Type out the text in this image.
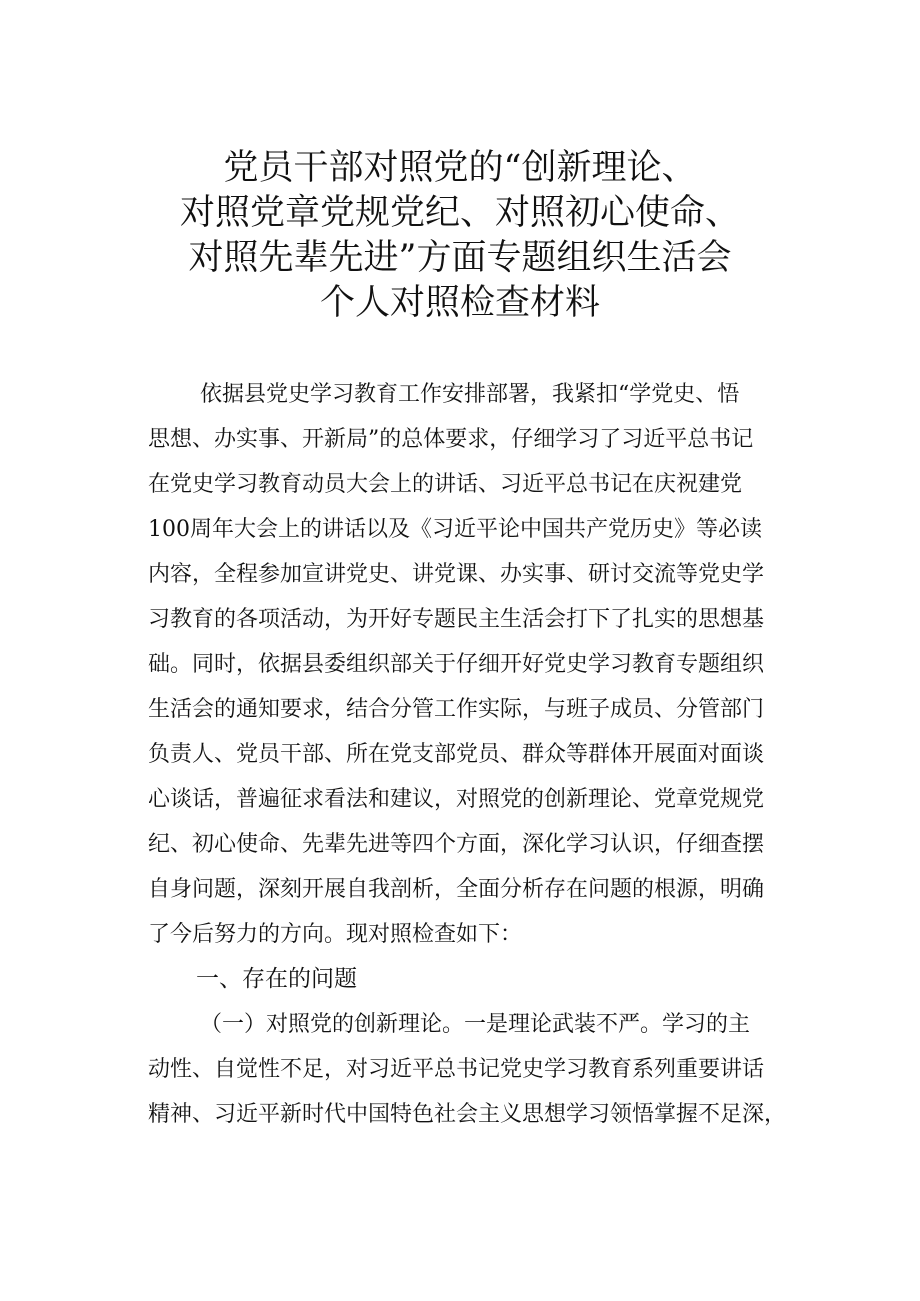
党员干部对照党的“创新理论、
对照党章党规党纪、对照初心使命、
对照先辈先进”方面专题组织生活会
个人对照检查材料
依据县党史学习教育工作安排部署，我紧扣“学党史、悟
思想、办实事、开新局”的总体要求，仔细学习了习近平总书记
在党史学习教育动员大会上的讲话、习近平总书记在庆祝建党
100周年大会上的讲话以及《习近平论中国共产党历史》等必读
内容，全程参加宣讲党史、讲党课、办实事、研讨交流等党史学
习教育的各项活动，为开好专题民主生活会打下了扎实的思想基
础。同时，依据县委组织部关于仔细开好党史学习教育专题组织
生活会的通知要求，结合分管工作实际，与班子成员、分管部门
负责人、党员干部、所在党支部党员、群众等群体开展面对面谈
心谈话，普遍征求看法和建议，对照党的创新理论、党章党规党
纪、初心使命、先辈先进等四个方面，深化学习认识，仔细查摆
自身问题，深刻开展自我剖析，全面分析存在问题的根源，明确
了今后努力的方向。现对照检查如下：
一、存在的问题
（一）对照党的创新理论。一是理论武装不严。学习的主
动性、自觉性不足，对习近平总书记党史学习教育系列重要讲话
精神、习近平新时代中国特色社会主义思想学习领悟掌握不足深，
